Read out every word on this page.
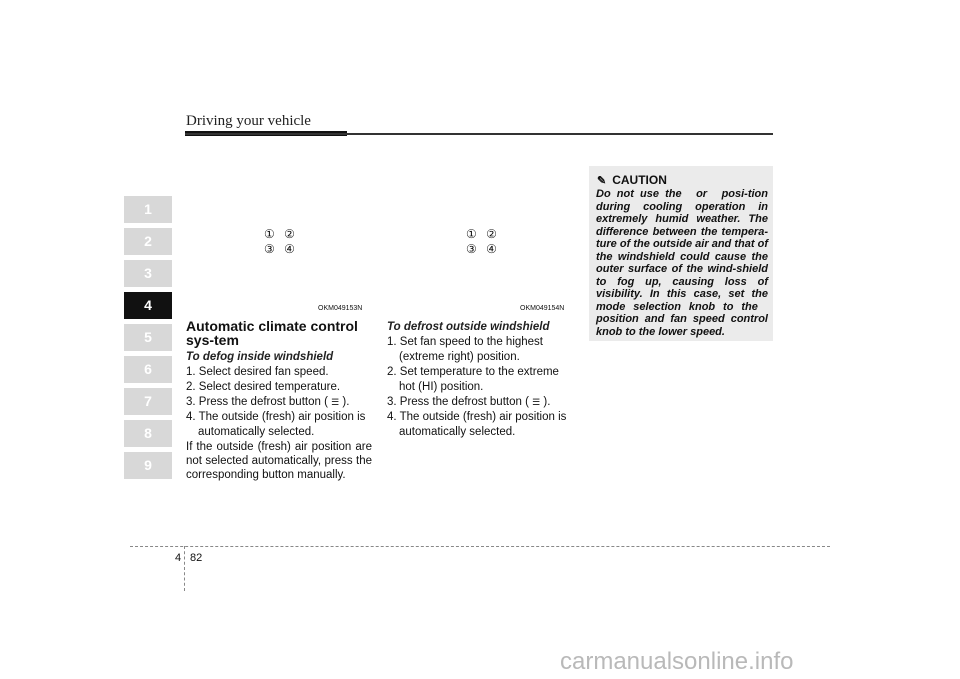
Driving your vehicle
1
2
3
4
5
6
7
8
9
① ②
③ ④
OKM049153N
① ②
③ ④
OKM049154N
Automatic climate control sys-tem
To defog inside windshield
1. Select desired fan speed.
2. Select desired temperature.
3. Press the defrost button ( ☰ ).
4. The outside (fresh) air position is
automatically selected.
If the outside (fresh) air position are not selected automatically, press the corresponding button manually.
To defrost outside windshield
1. Set fan speed to the highest
(extreme right) position.
2. Set temperature to the extreme
hot (HI) position.
3. Press the defrost button ( ☰ ).
4. The outside (fresh) air position is
automatically selected.
✎ CAUTION
Do not use the   or   posi-tion during cooling operation in extremely humid weather. The difference between the tempera-ture of the outside air and that of the windshield could cause the outer surface of the wind-shield to fog up, causing loss of visibility. In this case, set the mode selection knob to the   position and fan speed control knob to the lower speed.
4 82
carmanualsonline.info
